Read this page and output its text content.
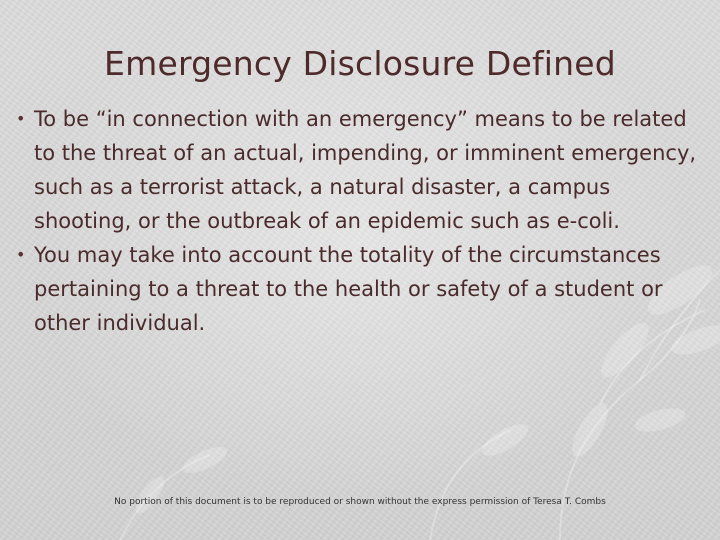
Emergency Disclosure Defined
• To be “in connection with an emergency” means to be related to the threat of an actual, impending, or imminent emergency, such as a terrorist attack, a natural disaster, a campus shooting, or the outbreak of an epidemic such as e-coli.
• You may take into account the totality of the circumstances pertaining to a threat to the health or safety of a student or other individual.
No portion of this document is to be reproduced or shown without the express permission of Teresa T. Combs
